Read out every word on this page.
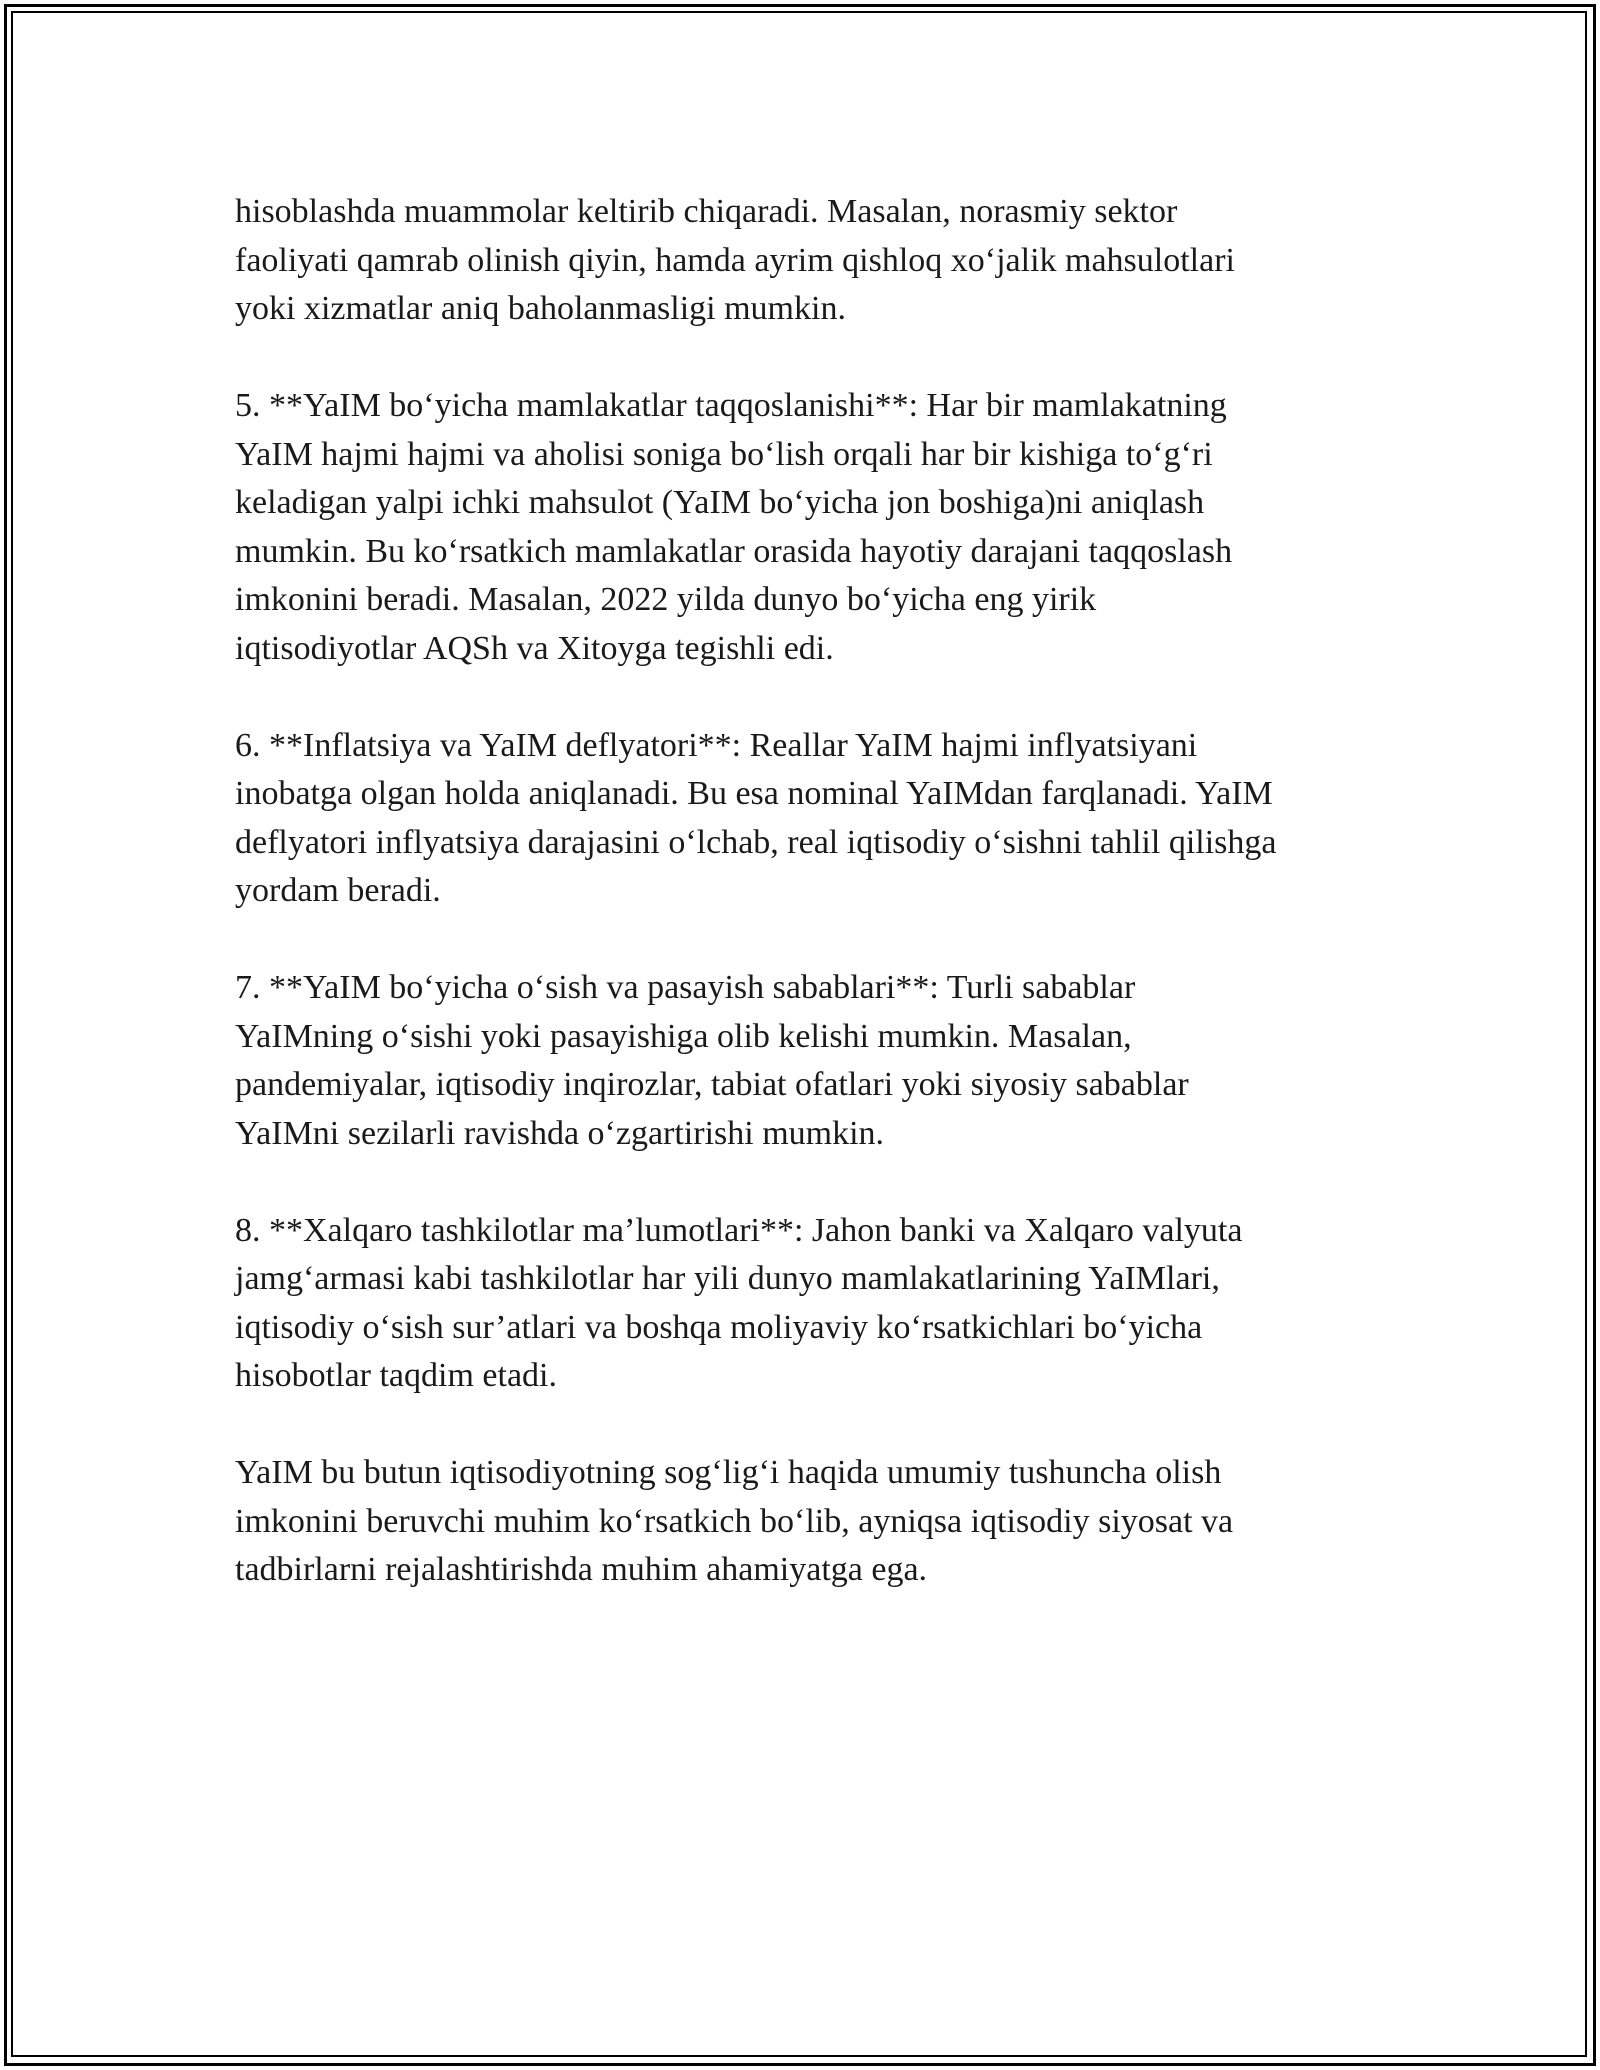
hisoblashda muammolar keltirib chiqaradi. Masalan, norasmiy sektor
faoliyati qamrab olinish qiyin, hamda ayrim qishloq xo‘jalik mahsulotlari
yoki xizmatlar aniq baholanmasligi mumkin.

5. **YaIM bo‘yicha mamlakatlar taqqoslanishi**: Har bir mamlakatning
YaIM hajmi hajmi va aholisi soniga bo‘lish orqali har bir kishiga to‘g‘ri
keladigan yalpi ichki mahsulot (YaIM bo‘yicha jon boshiga)ni aniqlash
mumkin. Bu ko‘rsatkich mamlakatlar orasida hayotiy darajani taqqoslash
imkonini beradi. Masalan, 2022 yilda dunyo bo‘yicha eng yirik
iqtisodiyotlar AQSh va Xitoyga tegishli edi.

6. **Inflatsiya va YaIM deflyatori**: Reallar YaIM hajmi inflyatsiyani
inobatga olgan holda aniqlanadi. Bu esa nominal YaIMdan farqlanadi. YaIM
deflyatori inflyatsiya darajasini o‘lchab, real iqtisodiy o‘sishni tahlil qilishga
yordam beradi.

7. **YaIM bo‘yicha o‘sish va pasayish sabablari**: Turli sabablar
YaIMning o‘sishi yoki pasayishiga olib kelishi mumkin. Masalan,
pandemiyalar, iqtisodiy inqirozlar, tabiat ofatlari yoki siyosiy sabablar
YaIMni sezilarli ravishda o‘zgartirishi mumkin.

8. **Xalqaro tashkilotlar ma’lumotlari**: Jahon banki va Xalqaro valyuta
jamg‘armasi kabi tashkilotlar har yili dunyo mamlakatlarining YaIMlari,
iqtisodiy o‘sish sur’atlari va boshqa moliyaviy ko‘rsatkichlari bo‘yicha
hisobotlar taqdim etadi.

YaIM bu butun iqtisodiyotning sog‘lig‘i haqida umumiy tushuncha olish
imkonini beruvchi muhim ko‘rsatkich bo‘lib, ayniqsa iqtisodiy siyosat va
tadbirlarni rejalashtirishda muhim ahamiyatga ega.
